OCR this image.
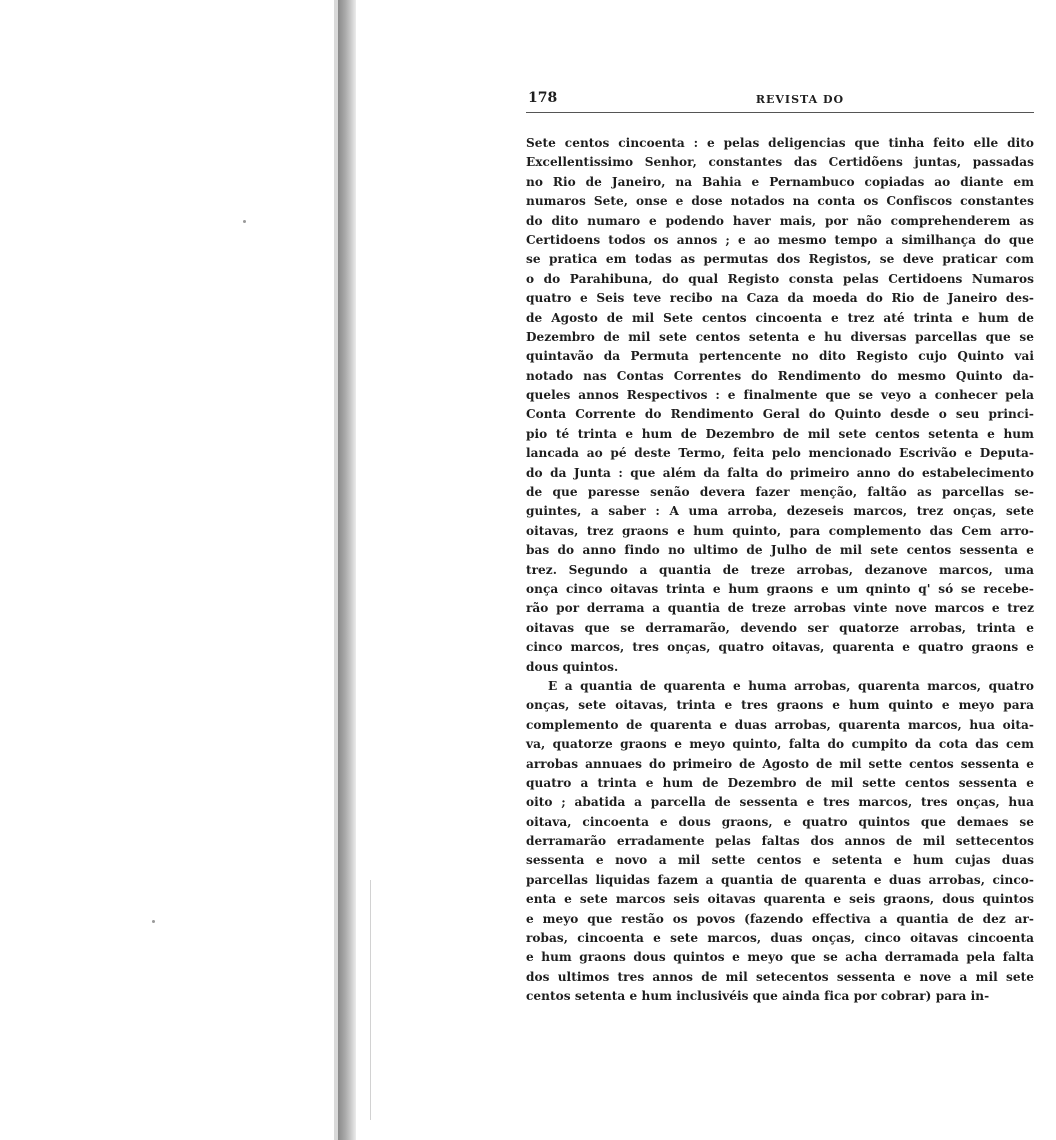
178	REVISTA DO
Sete centos cincoenta : e pelas deligencias que tinha feito elle dito
Excellentissimo Senhor, constantes das Certidõens juntas, passadas
no Rio de Janeiro, na Bahia e Pernambuco copiadas ao diante em
numaros Sete, onse e dose notados na conta os Confiscos constantes
do dito numaro e podendo haver mais, por não comprehenderem as
Certidoens todos os annos ; e ao mesmo tempo a similhança do que
se pratica em todas as permutas dos Registos, se deve praticar com
o do Parahibuna, do qual Registo consta pelas Certidoens Numaros
quatro e Seis teve recibo na Caza da moeda do Rio de Janeiro des-
de Agosto de mil Sete centos cincoenta e trez até trinta e hum de
Dezembro de mil sete centos setenta e hu diversas parcellas que se
quintavão da Permuta pertencente no dito Registo cujo Quinto vai
notado nas Contas Correntes do Rendimento do mesmo Quinto da-
queles annos Respectivos : e finalmente que se veyo a conhecer pela
Conta Corrente do Rendimento Geral do Quinto desde o seu princi-
pio té trinta e hum de Dezembro de mil sete centos setenta e hum
lancada ao pé deste Termo, feita pelo mencionado Escrivão e Deputa-
do da Junta : que além da falta do primeiro anno do estabelecimento
de que paresse senão devera fazer menção, faltão as parcellas se-
guintes, a saber : A uma arroba, dezeseis marcos, trez onças, sete
oitavas, trez graons e hum quinto, para complemento das Cem arro-
bas do anno findo no ultimo de Julho de mil sete centos sessenta e
trez. Segundo a quantia de treze arrobas, dezanove marcos, uma
onça cinco oitavas trinta e hum graons e um qninto q' só se recebe-
rão por derrama a quantia de treze arrobas vinte nove marcos e trez
oitavas que se derramarão, devendo ser quatorze arrobas, trinta e
cinco marcos, tres onças, quatro oitavas, quarenta e quatro graons e
dous quintos.
E a quantia de quarenta e huma arrobas, quarenta marcos, quatro
onças, sete oitavas, trinta e tres graons e hum quinto e meyo para
complemento de quarenta e duas arrobas, quarenta marcos, hua oita-
va, quatorze graons e meyo quinto, falta do cumpito da cota das cem
arrobas annuaes do primeiro de Agosto de mil sette centos sessenta e
quatro a trinta e hum de Dezembro de mil sette centos sessenta e
oito ; abatida a parcella de sessenta e tres marcos, tres onças, hua
oitava, cincoenta e dous graons, e quatro quintos que demaes se
derramarão erradamente pelas faltas dos annos de mil settecentos
sessenta e novo a mil sette centos e setenta e hum cujas duas
parcellas liquidas fazem a quantia de quarenta e duas arrobas, cinco-
enta e sete marcos seis oitavas quarenta e seis graons, dous quintos
e meyo que restão os povos (fazendo effectiva a quantia de dez ar-
robas, cincoenta e sete marcos, duas onças, cinco oitavas cincoenta
e hum graons dous quintos e meyo que se acha derramada pela falta
dos ultimos tres annos de mil setecentos sessenta e nove a mil sete
centos setenta e hum inclusivéis que ainda fica por cobrar) para in-
